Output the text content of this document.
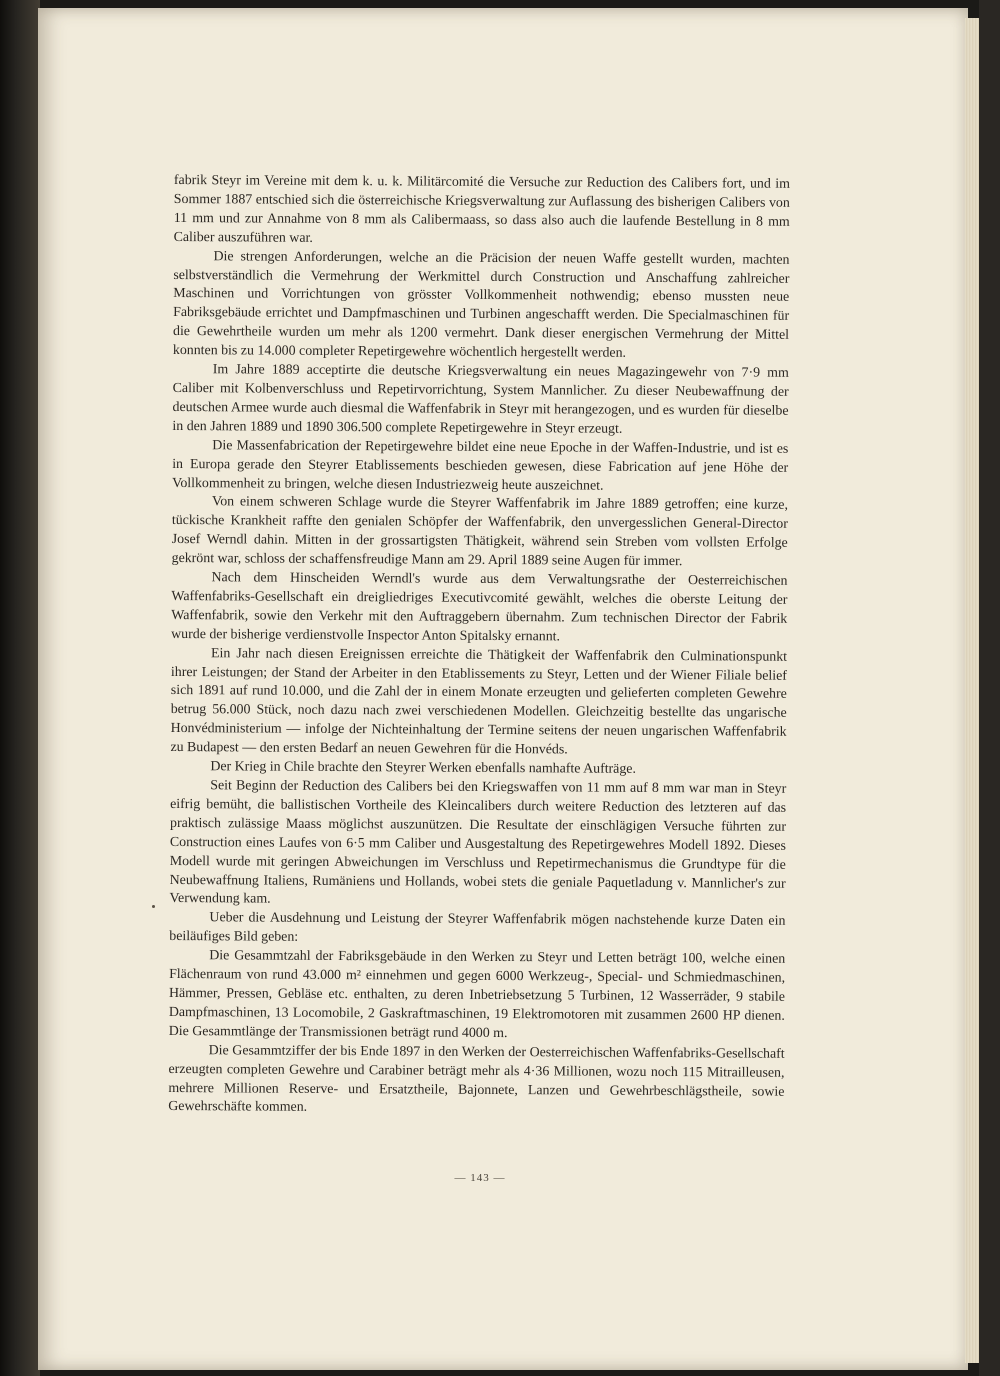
fabrik Steyr im Vereine mit dem k. u. k. Militärcomité die Versuche zur Reduction des Calibers fort, und im Sommer 1887 entschied sich die österreichische Kriegsverwaltung zur Auflassung des bisherigen Calibers von 11 mm und zur Annahme von 8 mm als Calibermaass, so dass also auch die laufende Bestellung in 8 mm Caliber auszuführen war.

Die strengen Anforderungen, welche an die Präcision der neuen Waffe gestellt wurden, machten selbstverständlich die Vermehrung der Werkmittel durch Construction und Anschaffung zahlreicher Maschinen und Vorrichtungen von grösster Vollkommenheit nothwendig; ebenso mussten neue Fabriksgebäude errichtet und Dampfmaschinen und Turbinen angeschafft werden. Die Specialmaschinen für die Gewehrtheile wurden um mehr als 1200 vermehrt. Dank dieser energischen Vermehrung der Mittel konnten bis zu 14.000 completer Repetirgewehre wöchentlich hergestellt werden.

Im Jahre 1889 acceptirte die deutsche Kriegsverwaltung ein neues Magazingewehr von 7·9 mm Caliber mit Kolbenverschluss und Repetirvorrichtung, System Mannlicher. Zu dieser Neubewaffnung der deutschen Armee wurde auch diesmal die Waffenfabrik in Steyr mit herangezogen, und es wurden für dieselbe in den Jahren 1889 und 1890 306.500 complete Repetirgewehre in Steyr erzeugt.

Die Massenfabrication der Repetirgewehre bildet eine neue Epoche in der Waffen-Industrie, und ist es in Europa gerade den Steyrer Etablissements beschieden gewesen, diese Fabrication auf jene Höhe der Vollkommenheit zu bringen, welche diesen Industriezweig heute auszeichnet.

Von einem schweren Schlage wurde die Steyrer Waffenfabrik im Jahre 1889 getroffen; eine kurze, tückische Krankheit raffte den genialen Schöpfer der Waffenfabrik, den unvergesslichen General-Director Josef Werndl dahin. Mitten in der grossartigsten Thätigkeit, während sein Streben vom vollsten Erfolge gekrönt war, schloss der schaffensfreudige Mann am 29. April 1889 seine Augen für immer.

Nach dem Hinscheiden Werndl's wurde aus dem Verwaltungsrathe der Oesterreichischen Waffenfabriks-Gesellschaft ein dreigliedriges Executivcomité gewählt, welches die oberste Leitung der Waffenfabrik, sowie den Verkehr mit den Auftraggebern übernahm. Zum technischen Director der Fabrik wurde der bisherige verdienstvolle Inspector Anton Spitalsky ernannt.

Ein Jahr nach diesen Ereignissen erreichte die Thätigkeit der Waffenfabrik den Culminationspunkt ihrer Leistungen; der Stand der Arbeiter in den Etablissements zu Steyr, Letten und der Wiener Filiale belief sich 1891 auf rund 10.000, und die Zahl der in einem Monate erzeugten und gelieferten completen Gewehre betrug 56.000 Stück, noch dazu nach zwei verschiedenen Modellen. Gleichzeitig bestellte das ungarische Honvédministerium — infolge der Nichteinhaltung der Termine seitens der neuen ungarischen Waffenfabrik zu Budapest — den ersten Bedarf an neuen Gewehren für die Honvéds.

Der Krieg in Chile brachte den Steyrer Werken ebenfalls namhafte Aufträge.

Seit Beginn der Reduction des Calibers bei den Kriegswaffen von 11 mm auf 8 mm war man in Steyr eifrig bemüht, die ballistischen Vortheile des Kleincalibers durch weitere Reduction des letzteren auf das praktisch zulässige Maass möglichst auszunützen. Die Resultate der einschlägigen Versuche führten zur Construction eines Laufes von 6·5 mm Caliber und Ausgestaltung des Repetirgewehres Modell 1892. Dieses Modell wurde mit geringen Abweichungen im Verschluss und Repetirmechanismus die Grundtype für die Neubewaffnung Italiens, Rumäniens und Hollands, wobei stets die geniale Paquetladung v. Mannlicher's zur Verwendung kam.

Ueber die Ausdehnung und Leistung der Steyrer Waffenfabrik mögen nachstehende kurze Daten ein beiläufiges Bild geben:

Die Gesammtzahl der Fabriksgebäude in den Werken zu Steyr und Letten beträgt 100, welche einen Flächenraum von rund 43.000 m² einnehmen und gegen 6000 Werkzeug-, Special- und Schmiedmaschinen, Hämmer, Pressen, Gebläse etc. enthalten, zu deren Inbetriebsetzung 5 Turbinen, 12 Wasserräder, 9 stabile Dampfmaschinen, 13 Locomobile, 2 Gaskraftmaschinen, 19 Elektromotoren mit zusammen 2600 HP dienen. Die Gesammtlänge der Transmissionen beträgt rund 4000 m.

Die Gesammtziffer der bis Ende 1897 in den Werken der Oesterreichischen Waffenfabriks-Gesellschaft erzeugten completen Gewehre und Carabiner beträgt mehr als 4·36 Millionen, wozu noch 115 Mitrailleusen, mehrere Millionen Reserve- und Ersatztheile, Bajonnete, Lanzen und Gewehrbeschlägstheile, sowie Gewehrschäfte kommen.

— 143 —
